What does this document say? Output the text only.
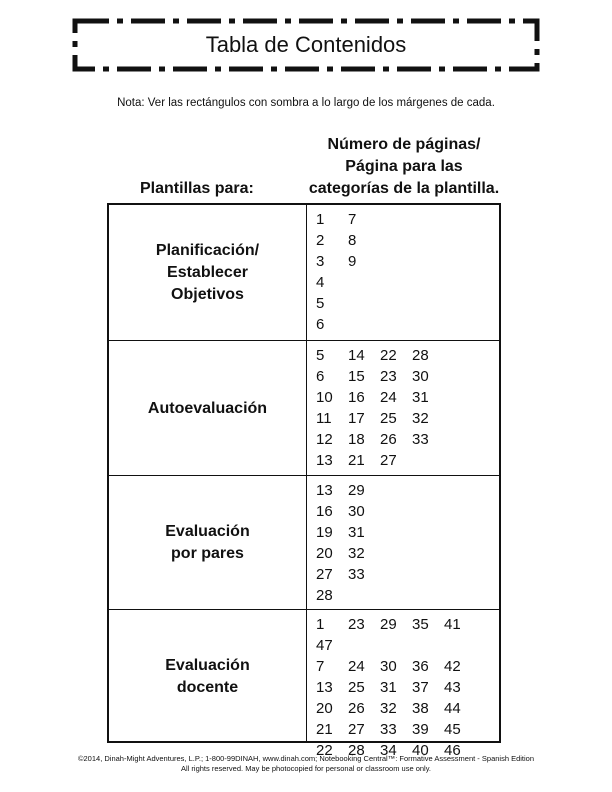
Tabla de Contenidos
Nota: Ver las rectángulos con sombra a lo largo de los márgenes de cada.
Plantillas para:
Número de páginas/
Página para las
categorías de la plantilla.
Planificación/
Establecer
Objetivos
1 7
2 8
3 9
4
5
6
Autoevaluación
5 14 22 28
6 15 23 30
10 16 24 31
11 17 25 32
12 18 26 33
13 21 27
Evaluación
por pares
13 29
16 30
19 31
20 32
27 33
28
Evaluación
docente
1 23 29 35 4147
7 24 30 36 42
13 25 31 37 43
20 26 32 38 44
21 27 33 39 45
22 28 34 40 46
©2014, Dinah-Might Adventures, L.P.; 1-800-99DINAH, www.dinah.com; Notebooking Central™: Formative Assessment - Spanish Edition
All rights reserved. May be photocopied for personal or classroom use only.
